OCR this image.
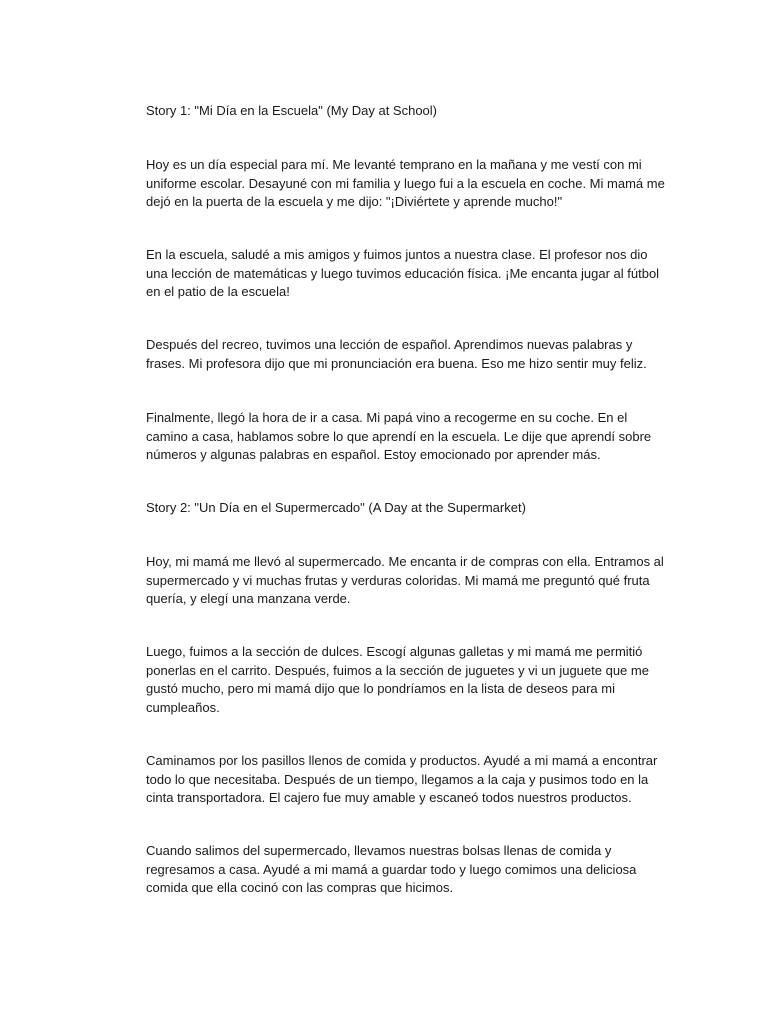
Story 1: "Mi Día en la Escuela" (My Day at School)

Hoy es un día especial para mí. Me levanté temprano en la mañana y me vestí con mi uniforme escolar. Desayuné con mi familia y luego fui a la escuela en coche. Mi mamá me dejó en la puerta de la escuela y me dijo: "¡Diviértete y aprende mucho!"

En la escuela, saludé a mis amigos y fuimos juntos a nuestra clase. El profesor nos dio una lección de matemáticas y luego tuvimos educación física. ¡Me encanta jugar al fútbol en el patio de la escuela!

Después del recreo, tuvimos una lección de español. Aprendimos nuevas palabras y frases. Mi profesora dijo que mi pronunciación era buena. Eso me hizo sentir muy feliz.

Finalmente, llegó la hora de ir a casa. Mi papá vino a recogerme en su coche. En el camino a casa, hablamos sobre lo que aprendí en la escuela. Le dije que aprendí sobre números y algunas palabras en español. Estoy emocionado por aprender más.

Story 2: "Un Día en el Supermercado" (A Day at the Supermarket)

Hoy, mi mamá me llevó al supermercado. Me encanta ir de compras con ella. Entramos al supermercado y vi muchas frutas y verduras coloridas. Mi mamá me preguntó qué fruta quería, y elegí una manzana verde.

Luego, fuimos a la sección de dulces. Escogí algunas galletas y mi mamá me permitió ponerlas en el carrito. Después, fuimos a la sección de juguetes y vi un juguete que me gustó mucho, pero mi mamá dijo que lo pondríamos en la lista de deseos para mi cumpleaños.

Caminamos por los pasillos llenos de comida y productos. Ayudé a mi mamá a encontrar todo lo que necesitaba. Después de un tiempo, llegamos a la caja y pusimos todo en la cinta transportadora. El cajero fue muy amable y escaneó todos nuestros productos.

Cuando salimos del supermercado, llevamos nuestras bolsas llenas de comida y regresamos a casa. Ayudé a mi mamá a guardar todo y luego comimos una deliciosa comida que ella cocinó con las compras que hicimos.
